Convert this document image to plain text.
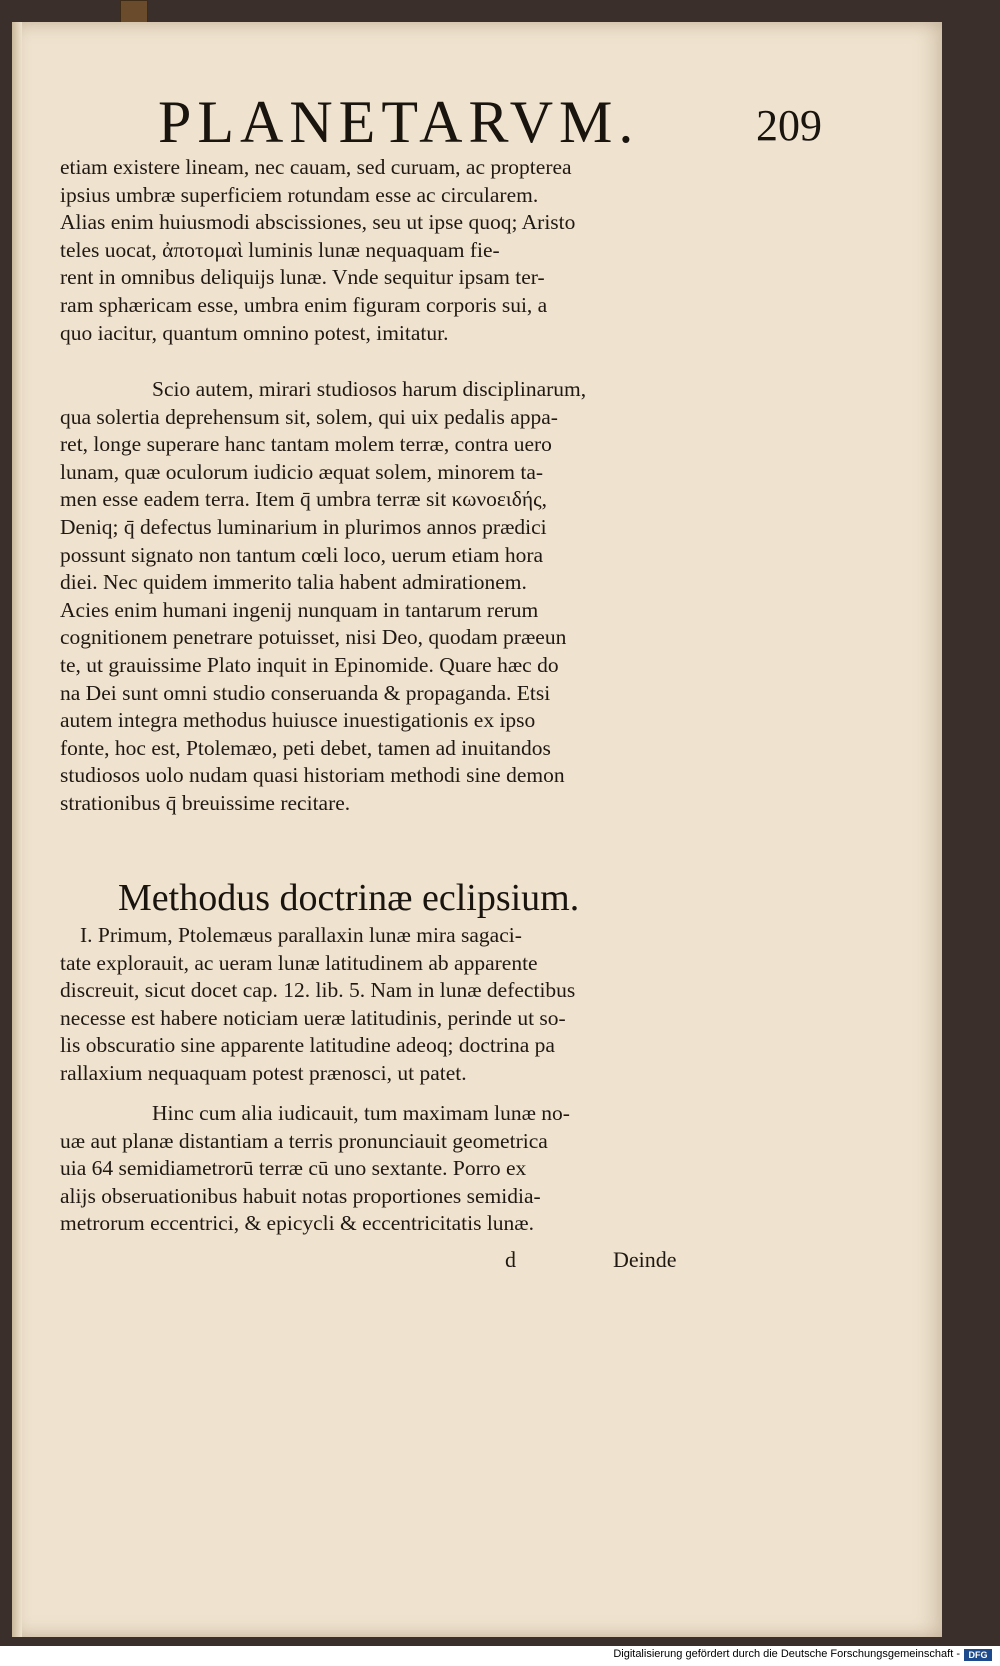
PLANETARVM.	209
etiam existere lineam, nec cauam, sed curuam, ac propterea
ipsius umbræ superficiem rotundam esse ac circularem.
Alias enim huiusmodi abscissiones, seu ut ipse quoq; Aristo
teles uocat, ἀποτομαὶ luminis lunæ nequaquam fie-
rent in omnibus deliquijs lunæ. Vnde sequitur ipsam ter-
ram sphæricam esse, umbra enim figuram corporis sui, a
quo iacitur, quantum omnino potest, imitatur.
Scio autem, mirari studiosos harum disciplinarum,
qua solertia deprehensum sit, solem, qui uix pedalis appa-
ret, longe superare hanc tantam molem terræ, contra uero
lunam, quæ oculorum iudicio æquat solem, minorem ta-
men esse eadem terra. Item q̄ umbra terræ sit κωνοειδής,
Deniq; q̄ defectus luminarium in plurimos annos prædici
possunt signato non tantum cœli loco, uerum etiam hora
diei. Nec quidem immerito talia habent admirationem.
Acies enim humani ingenij nunquam in tantarum rerum
cognitionem penetrare potuisset, nisi Deo, quodam præeun
te, ut grauissime Plato inquit in Epinomide. Quare hæc do
na Dei sunt omni studio conseruanda & propaganda. Etsi
autem integra methodus huiusce inuestigationis ex ipso
fonte, hoc est, Ptolemæo, peti debet, tamen ad inuitandos
studiosos uolo nudam quasi historiam methodi sine demon
strationibus q̄ breuissime recitare.
Methodus doctrinæ eclipsium.
I. Primum, Ptolemæus parallaxin lunæ mira sagaci-
tate explorauit, ac ueram lunæ latitudinem ab apparente
discreuit, sicut docet cap. 12. lib. 5. Nam in lunæ defectibus
necesse est habere noticiam ueræ latitudinis, perinde ut so-
lis obscuratio sine apparente latitudine adeoq; doctrina pa
rallaxium nequaquam potest prænosci, ut patet.
Hinc cum alia iudicauit, tum maximam lunæ no-
uæ aut planæ distantiam a terris pronunciauit geometrica
uia 64 semidiametrorū terræ cū uno sextante. Porro ex
alijs obseruationibus habuit notas proportiones semidia-
metrorum eccentrici, & epicycli & eccentricitatis lunæ.
d	Deinde
Digitalisierung gefördert durch die Deutsche Forschungsgemeinschaft - DFG
